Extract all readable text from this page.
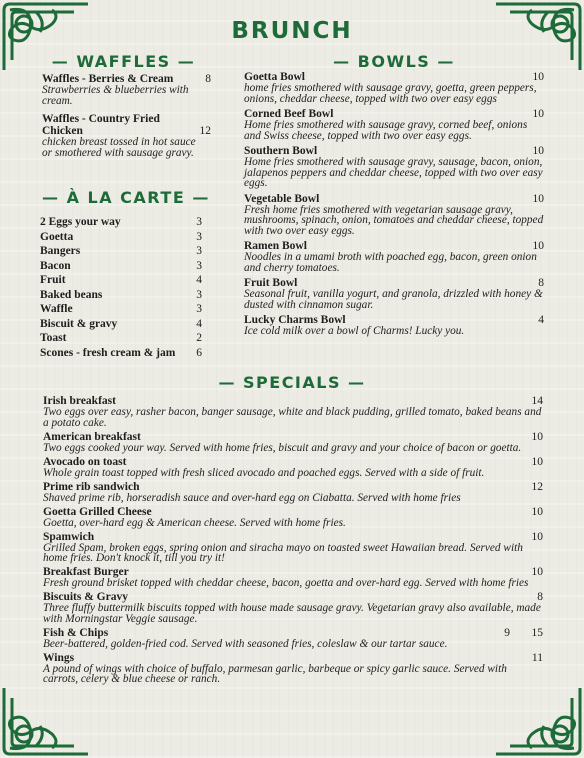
BRUNCH
— WAFFLES —
Waffles - Berries & Cream	8
Strawberries & blueberries with cream.
Waffles - Country Fried Chicken	12
chicken breast tossed in hot sauce or smothered with sausage gravy.
— À LA CARTE —
2 Eggs your way	3
Goetta	3
Bangers	3
Bacon	3
Fruit	4
Baked beans	3
Waffle	3
Biscuit & gravy	4
Toast	2
Scones - fresh cream & jam 6
— BOWLS —
Goetta Bowl	10
home fries smothered with sausage gravy, goetta, green peppers, onions, cheddar cheese, topped with two over easy eggs
Corned Beef Bowl	10
Home fries smothered with sausage gravy, corned beef, onions and Swiss cheese, topped with two over easy eggs.
Southern Bowl	10
Home fries smothered with sausage gravy, sausage, bacon, onion, jalapenos peppers and cheddar cheese, topped with two over easy eggs.
Vegetable Bowl	10
Fresh home fries smothered with vegetarian sausage gravy, mushrooms, spinach, onion, tomatoes and cheddar cheese, topped with two over easy eggs.
Ramen Bowl	10
Noodles in a umami broth with poached egg, bacon, green onion and cherry tomatoes.
Fruit Bowl	8
Seasonal fruit, vanilla yogurt, and granola, drizzled with honey & dusted with cinnamon sugar.
Lucky Charms Bowl	4
Ice cold milk over a bowl of Charms! Lucky you.
— SPECIALS —
Irish breakfast	14
Two eggs over easy, rasher bacon, banger sausage, white and black pudding, grilled tomato, baked beans and a potato cake.
American breakfast	10
Two eggs cooked your way. Served with home fries, biscuit and gravy and your choice of bacon or goetta.
Avocado on toast	10
Whole grain toast topped with fresh sliced avocado and poached eggs. Served with a side of fruit.
Prime rib sandwich	12
Shaved prime rib, horseradish sauce and over-hard egg on Ciabatta. Served with home fries
Goetta Grilled Cheese	10
Goetta, over-hard egg & American cheese. Served with home fries.
Spamwich	10
Grilled Spam, broken eggs, spring onion and siracha mayo on toasted sweet Hawaiian bread. Served with home fries. Don't knock it, till you try it!
Breakfast Burger	10
Fresh ground brisket topped with cheddar cheese, bacon, goetta and over-hard egg. Served with home fries
Biscuits & Gravy	8
Three fluffy buttermilk biscuits topped with house made sausage gravy. Vegetarian gravy also available, made with Morningstar Veggie sausage.
Fish & Chips	9 15
Beer-battered, golden-fried cod. Served with seasoned fries, coleslaw & our tartar sauce.
Wings	11
A pound of wings with choice of buffalo, parmesan garlic, barbeque or spicy garlic sauce. Served with carrots, celery & blue cheese or ranch.
